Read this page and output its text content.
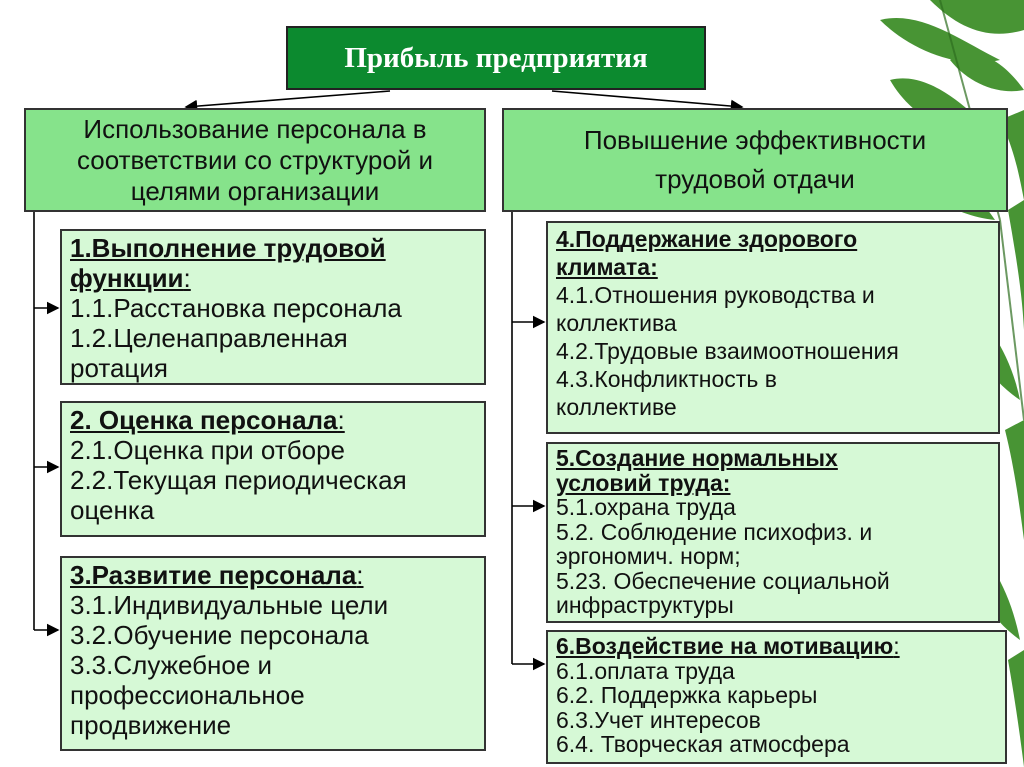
Прибыль предприятия
Использование персонала в
соответствии со структурой и
целями организации
Повышение эффективности
трудовой отдачи
1.Выполнение трудовой
функции:
1.1.Расстановка персонала
1.2.Целенаправленная
ротация
2. Оценка персонала:
2.1.Оценка при отборе
2.2.Текущая периодическая
оценка
3.Развитие персонала:
3.1.Индивидуальные цели
3.2.Обучение персонала
3.3.Служебное и
профессиональное
продвижение
4.Поддержание здорового
климата:
4.1.Отношения руководства и
коллектива
4.2.Трудовые взаимоотношения
4.3.Конфликтность в
коллективе
5.Создание нормальных
условий труда:
5.1.охрана труда
5.2. Соблюдение психофиз. и
эргономич. норм;
5.23. Обеспечение социальной
инфраструктуры
6.Воздействие на мотивацию:
6.1.оплата труда
6.2. Поддержка карьеры
6.3.Учет интересов
6.4. Творческая атмосфера
